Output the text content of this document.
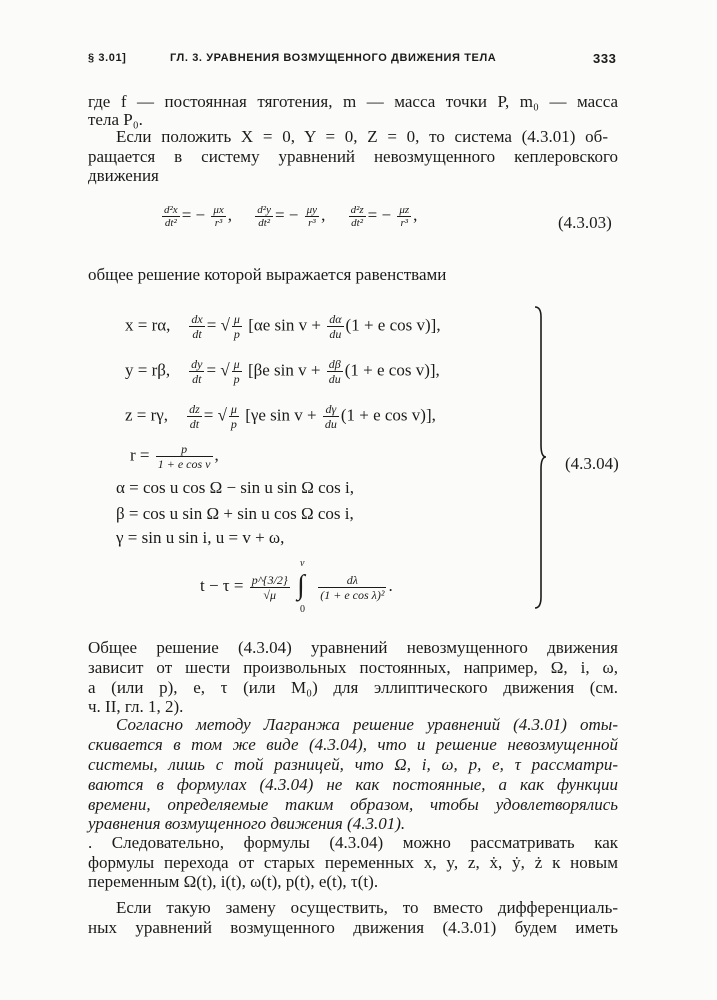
§ 3.01]	ГЛ. 3. УРАВНЕНИЯ ВОЗМУЩЕННОГО ДВИЖЕНИЯ ТЕЛА	333
где f — постоянная тяготения, m — масса точки P, m₀ — масса
тела P₀.
Если положить X = 0, Y = 0, Z = 0, то система (4.3.01) об-
ращается в систему уравнений невозмущенного кеплеровского
движения
$\frac{\text{d²x}}{\text{dt²}}$ = − $\frac{\mu x}{\text{r³}}$ , $\frac{\text{d²y}}{\text{dt²}}$ = − $\frac{\mu y}{\text{r³}}$ , $\frac{\text{d²z}}{\text{dt²}}$ = − $\frac{\mu z}{\text{r³}}$ ,	(4.3.03)
общее решение которой выражается равенствами
x = rα, $\frac{dx}{dt}$ = √ $\frac{\mu}{p} [\alpha e$ $\sin v + \frac{d\alpha}{du} (1 + e$ cos v)],
y = rβ, $\frac{dy}{dt}$ = √ $\frac{\mu}{p} [\beta e$ $\sin v + \frac{d\beta}{du} (1 + e$ cos v)],
z = rγ, $\frac{dz}{dt}$ = √ $\frac{\mu}{p} [\gamma e$ $\sin v + \frac{d\gamma}{du} (1 + e$ cos v)],
$r = \frac{p}{\text{1 + e cos v}}$ ,
α = cos u cos Ω − sin u sin Ω cos i,
β = cos u sin Ω + sin u cos Ω cos i,
γ = sin u sin i, u = v + ω,
$t - \tau = \frac{p\^{}\{3/2\}}{√\mu}$

v
∫
0

$\frac{d\lambda}{\text{(1 + e cos λ)²}}$ .
(4.3.04)
Общее решение (4.3.04) уравнений невозмущенного движения
зависит от шести произвольных постоянных, например, Ω, i, ω,
a (или p), e, τ (или M₀) для эллиптического движения (см.
ч. II, гл. 1, 2).
Согласно методу Лагранжа решение уравнений (4.3.01) оты-
скивается в том же виде (4.3.04), что и решение невозмущенной
системы, лишь с той разницей, что Ω, i, ω, p, e, τ рассматри-
ваются в формулах (4.3.04) не как постоянные, а как функции
времени, определяемые таким образом, чтобы удовлетворялись
уравнения возмущенного движения (4.3.01).
. Следовательно, формулы (4.3.04) можно рассматривать как
формулы перехода от старых переменных x, y, z, ẋ, ẏ, ż к новым
переменным Ω(t), i(t), ω(t), p(t), e(t), τ(t).
Если такую замену осуществить, то вместо дифференциаль-
ных уравнений возмущенного движения (4.3.01) будем иметь
